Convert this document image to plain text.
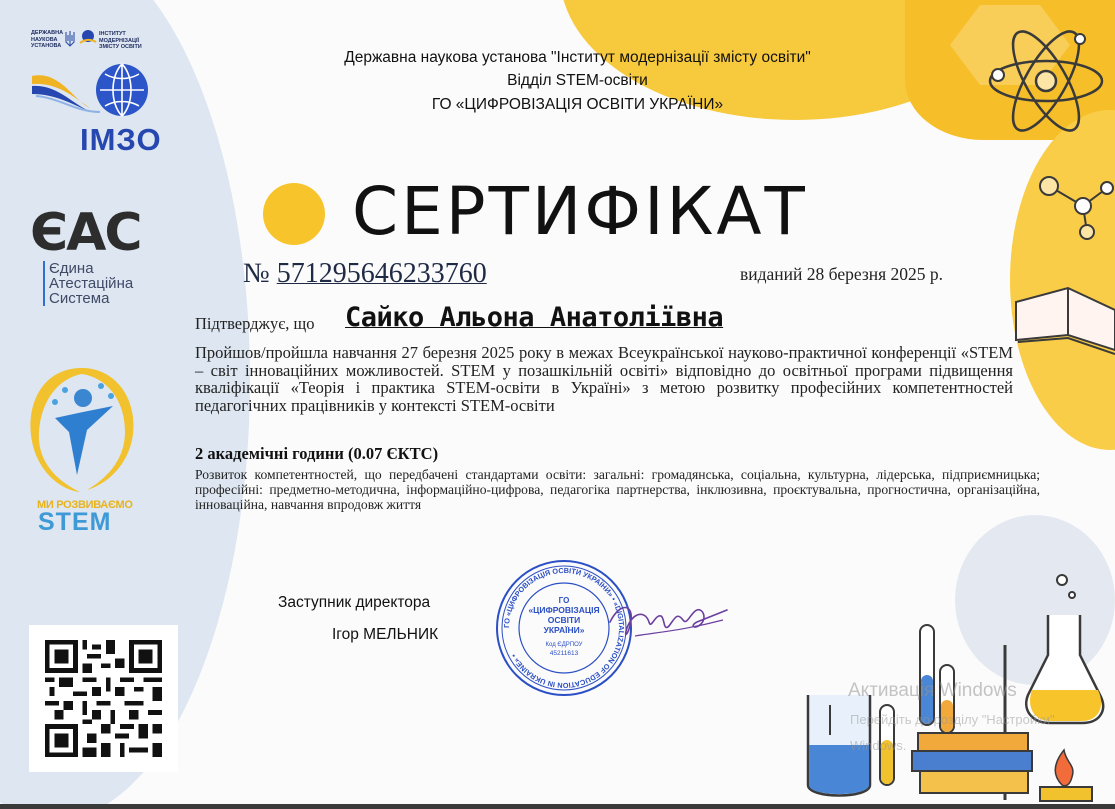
Державна наукова установа "Інститут модернізації змісту освіти"
Відділ STEM-освіти
ГО «ЦИФРОВІЗАЦІЯ ОСВІТИ УКРАЇНИ»
СЕРТИФІКАТ
№ 571295646233760	виданий 28 березня 2025 р.
Підтверджує, що Сайко Альона Анатоліївна
Пройшов/пройшла навчання 27 березня 2025 року в межах Всеукраїнської науково-практичної конференції «STEM – світ інноваційних можливостей. STEM у позашкільній освіті» відповідно до освітньої програми підвищення кваліфікації «Теорія і практика STEM-освіти в Україні» з метою розвитку професійних компетентностей педагогічних працівників у контексті STEM-освіти
2 академічні години (0.07 ЄКТС)
Розвиток компетентностей, що передбачені стандартами освіти: загальні: громадянська, соціальна, культурна, лідерська, підприємницька; професійні: предметно-методична, інформаційно-цифрова, педагогіка партнерства, інклюзивна, проєктувальна, прогностична, організаційна, інноваційна, навчання впродовж життя
Заступник директора
Ігор МЕЛЬНИК
ГО «ЦИФРОВІЗАЦІЯ ОСВІТИ УКРАЇНИ» • «DIGITALIZATION OF EDUCATION IN UKRAINE» •
ГО
«ЦИФРОВІЗАЦІЯ
ОСВІТИ
УКРАЇНИ»
Код ЄДРПОУ
45211613
ДЕРЖАВНА НАУКОВА УСТАНОВА
ІНСТИТУТ МОДЕРНІЗАЦІЇ ЗМІСТУ ОСВІТИ
ІМЗО
ЄАС
Єдина
Атестаційна
Система
МИ РОЗВИВАЄМО
STEM
Активація Windows
Перейдіть до розділу "Настройки"
Windows.
